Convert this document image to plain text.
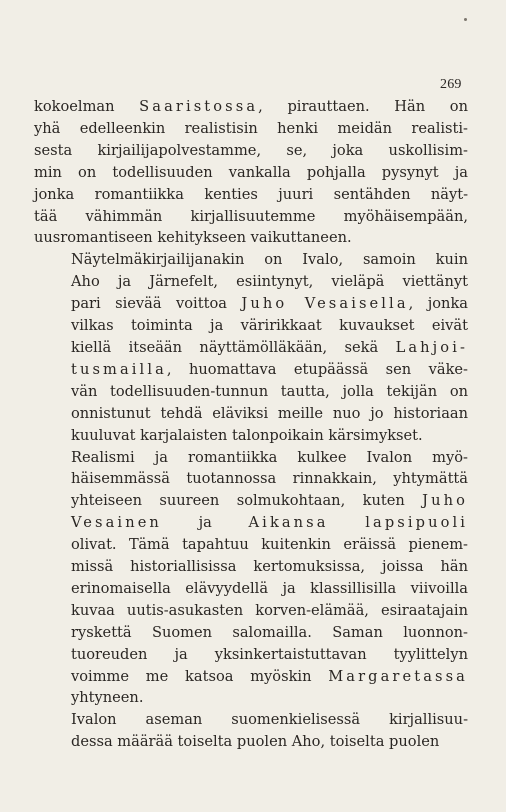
269

kokoelman Saaristossa, pirauttaen. Hän on
yhä edelleenkin realistisin henki meidän realisti-
sesta kirjailijapolvestamme, se, joka uskollisim-
min on todellisuuden vankalla pohjalla pysynyt ja
jonka romantiikka kenties juuri sentähden näyt-
tää vähimmän kirjallisuutemme myöhäisempään,
uusromantiseen kehitykseen vaikuttaneen.

Näytelmäkirjailijanakin on Ivalo, samoin kuin
Aho ja Järnefelt, esiintynyt, vieläpä viettänyt
pari sievää voittoa Juho Vesaisella, jonka
vilkas toiminta ja väririkkaat kuvaukset eivät
kiellä itseään näyttämölläkään, sekä Lahjoi-
tusmailla, huomattava etupäässä sen väke-
vän todellisuuden-tunnun tautta, jolla tekijän on
onnistunut tehdä eläviksi meille nuo jo historiaan
kuuluvat karjalaisten talonpoikain kärsimykset.

Realismi ja romantiikka kulkee Ivalon myö-
häisemmässä tuotannossa rinnakkain, yhtymättä
yhteiseen suureen solmukohtaan, kuten Juho
Vesainen ja Aikansa	lapsipuoli
olivat. Tämä tapahtuu kuitenkin eräissä pienem-
missä historiallisissa kertomuksissa, joissa hän
erinomaisella elävyydellä ja klassillisilla viivoilla
kuvaa uutis-asukasten korven-elämää, esiraatajain
ryskettä Suomen salomailla. Saman luonnon-
tuoreuden ja yksinkertaistuttavan tyylittelyn
voimme me katsoa myöskin Margaretassa
yhtyneen.

Ivalon aseman suomenkielisessä kirjallisuu-
dessa määrää toiselta puolen Aho, toiselta puolen
